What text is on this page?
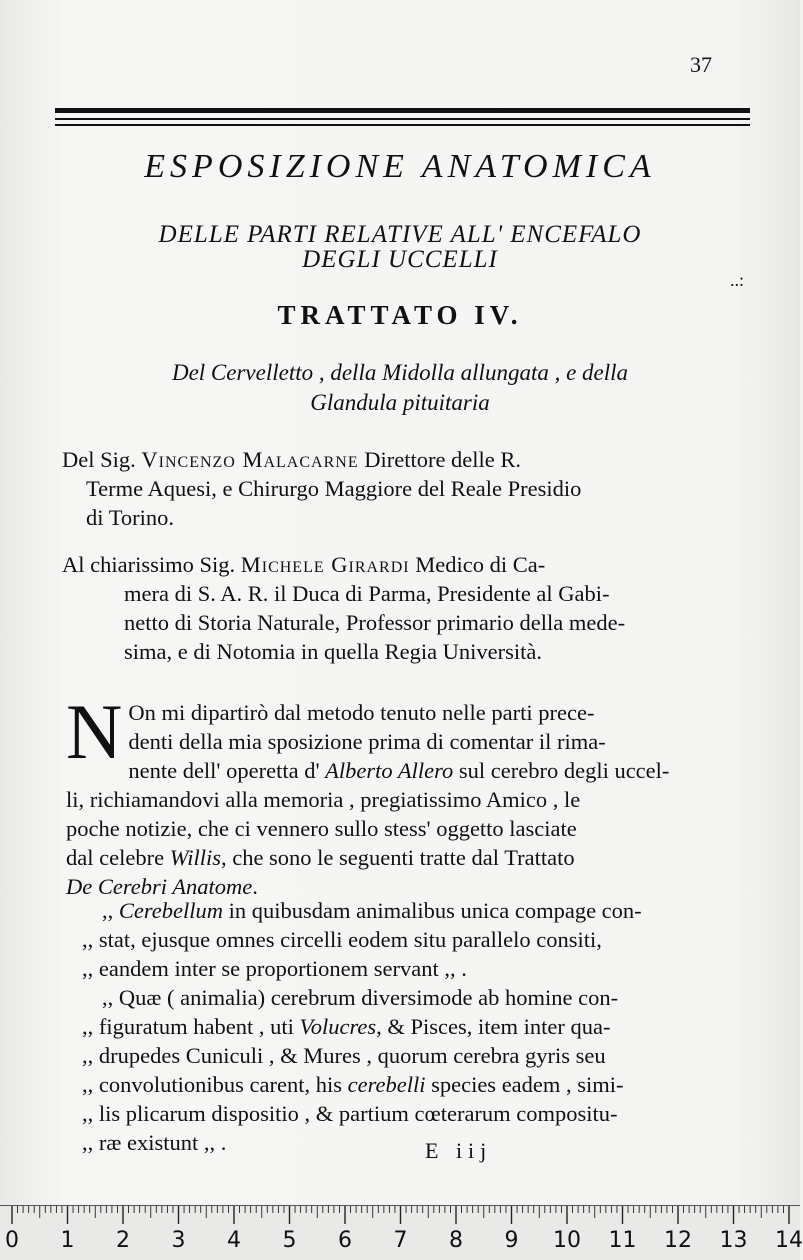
37
ESPOSIZIONE ANATOMICA
DELLE PARTI RELATIVE ALL' ENCEFALO
DEGLI UCCELLI
..:
TRATTATO IV.
Del Cervelletto , della Midolla allungata , e della
Glandula pituitaria
Del Sig. Vincenzo Malacarne Direttore delle R.
Terme Aquesi, e Chirurgo Maggiore del Reale Presidio
di Torino.
Al chiarissimo Sig. Michele Girardi Medico di Ca-
mera di S. A. R. il Duca di Parma, Presidente al Gabi-
netto di Storia Naturale, Professor primario della mede-
sima, e di Notomia in quella Regia Università.
N On mi dipartirò dal metodo tenuto nelle parti prece-
denti della mia sposizione prima di comentar il rima-
nente dell' operetta d' Alberto Allero sul cerebro degli uccel-
li, richiamandovi alla memoria , pregiatissimo Amico , le
poche notizie, che ci vennero sullo stess' oggetto lasciate
dal celebre Willis, che sono le seguenti tratte dal Trattato
De Cerebri Anatome.
,, Cerebellum in quibusdam animalibus unica compage con-
,, stat, ejusque omnes circelli eodem situ parallelo consiti,
,, eandem inter se proportionem servant ,, .
,, Quæ ( animalia) cerebrum diversimode ab homine con-
,, figuratum habent , uti Volucres, & Pisces, item inter qua-
,, drupedes Cuniculi , & Mures , quorum cerebra gyris seu
,, convolutionibus carent, his cerebelli species eadem , simi-
,, lis plicarum dispositio , & partium cœterarum compositu-
,, ræ existunt ,, .	E iij
0 1 2 3 4 5 6 7 8 9 10 11 12 13 14
